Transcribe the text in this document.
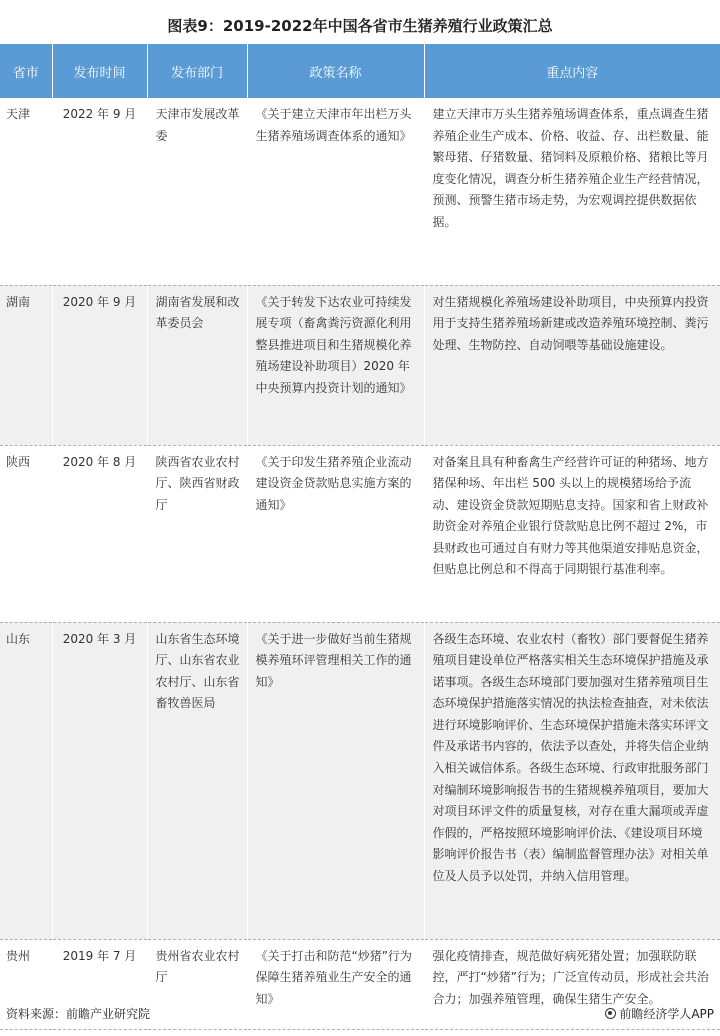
图表9：2019-2022年中国各省市生猪养殖行业政策汇总
省市	发布时间	发布部门	政策名称	重点内容
天津	2022 年 9 月	天津市发展改革委	《关于建立天津市年出栏万头生猪养殖场调查体系的通知》	建立天津市万头生猪养殖场调查体系，重点调查生猪养殖企业生产成本、价格、收益、存、出栏数量、能繁母猪、仔猪数量、猪饲料及原粮价格、猪粮比等月度变化情况，调查分析生猪养殖企业生产经营情况，预测、预警生猪市场走势，为宏观调控提供数据依据。
湖南	2020 年 9 月	湖南省发展和改革委员会	《关于转发下达农业可持续发展专项（畜禽粪污资源化利用整县推进项目和生猪规模化养殖场建设补助项目）2020 年中央预算内投资计划的通知》	对生猪规模化养殖场建设补助项目，中央预算内投资用于支持生猪养殖场新建或改造养殖环境控制、粪污处理、生物防控、自动饲喂等基础设施建设。
陕西	2020 年 8 月	陕西省农业农村厅、陕西省财政厅	《关于印发生猪养殖企业流动建设资金贷款贴息实施方案的通知》	对备案且具有种畜禽生产经营许可证的种猪场、地方猪保种场、年出栏 500 头以上的规模猪场给予流动、建设资金贷款短期贴息支持。国家和省上财政补助资金对养殖企业银行贷款贴息比例不超过 2%，市县财政也可通过自有财力等其他渠道安排贴息资金，但贴息比例总和不得高于同期银行基准利率。
山东	2020 年 3 月	山东省生态环境厅、山东省农业农村厅、山东省畜牧兽医局	《关于进一步做好当前生猪规模养殖环评管理相关工作的通知》	各级生态环境、农业农村（畜牧）部门要督促生猪养殖项目建设单位严格落实相关生态环境保护措施及承诺事项。各级生态环境部门要加强对生猪养殖项目生态环境保护措施落实情况的执法检查抽查，对未依法进行环境影响评价、生态环境保护措施未落实环评文件及承诺书内容的，依法予以查处，并将失信企业纳入相关诚信体系。各级生态环境、行政审批服务部门对编制环境影响报告书的生猪规模养殖项目，要加大对项目环评文件的质量复核，对存在重大漏项或弄虚作假的，严格按照环境影响评价法、《建设项目环境影响评价报告书（表）编制监督管理办法》对相关单位及人员予以处罚，并纳入信用管理。
贵州	2019 年 7 月	贵州省农业农村厅	《关于打击和防范“炒猪”行为保障生猪养殖业生产安全的通知》	强化疫情排查，规范做好病死猪处置；加强联防联控，严打“炒猪”行为；广泛宣传动员，形成社会共治合力；加强养殖管理，确保生猪生产安全。
资料来源：前瞻产业研究院	前瞻经济学人APP
